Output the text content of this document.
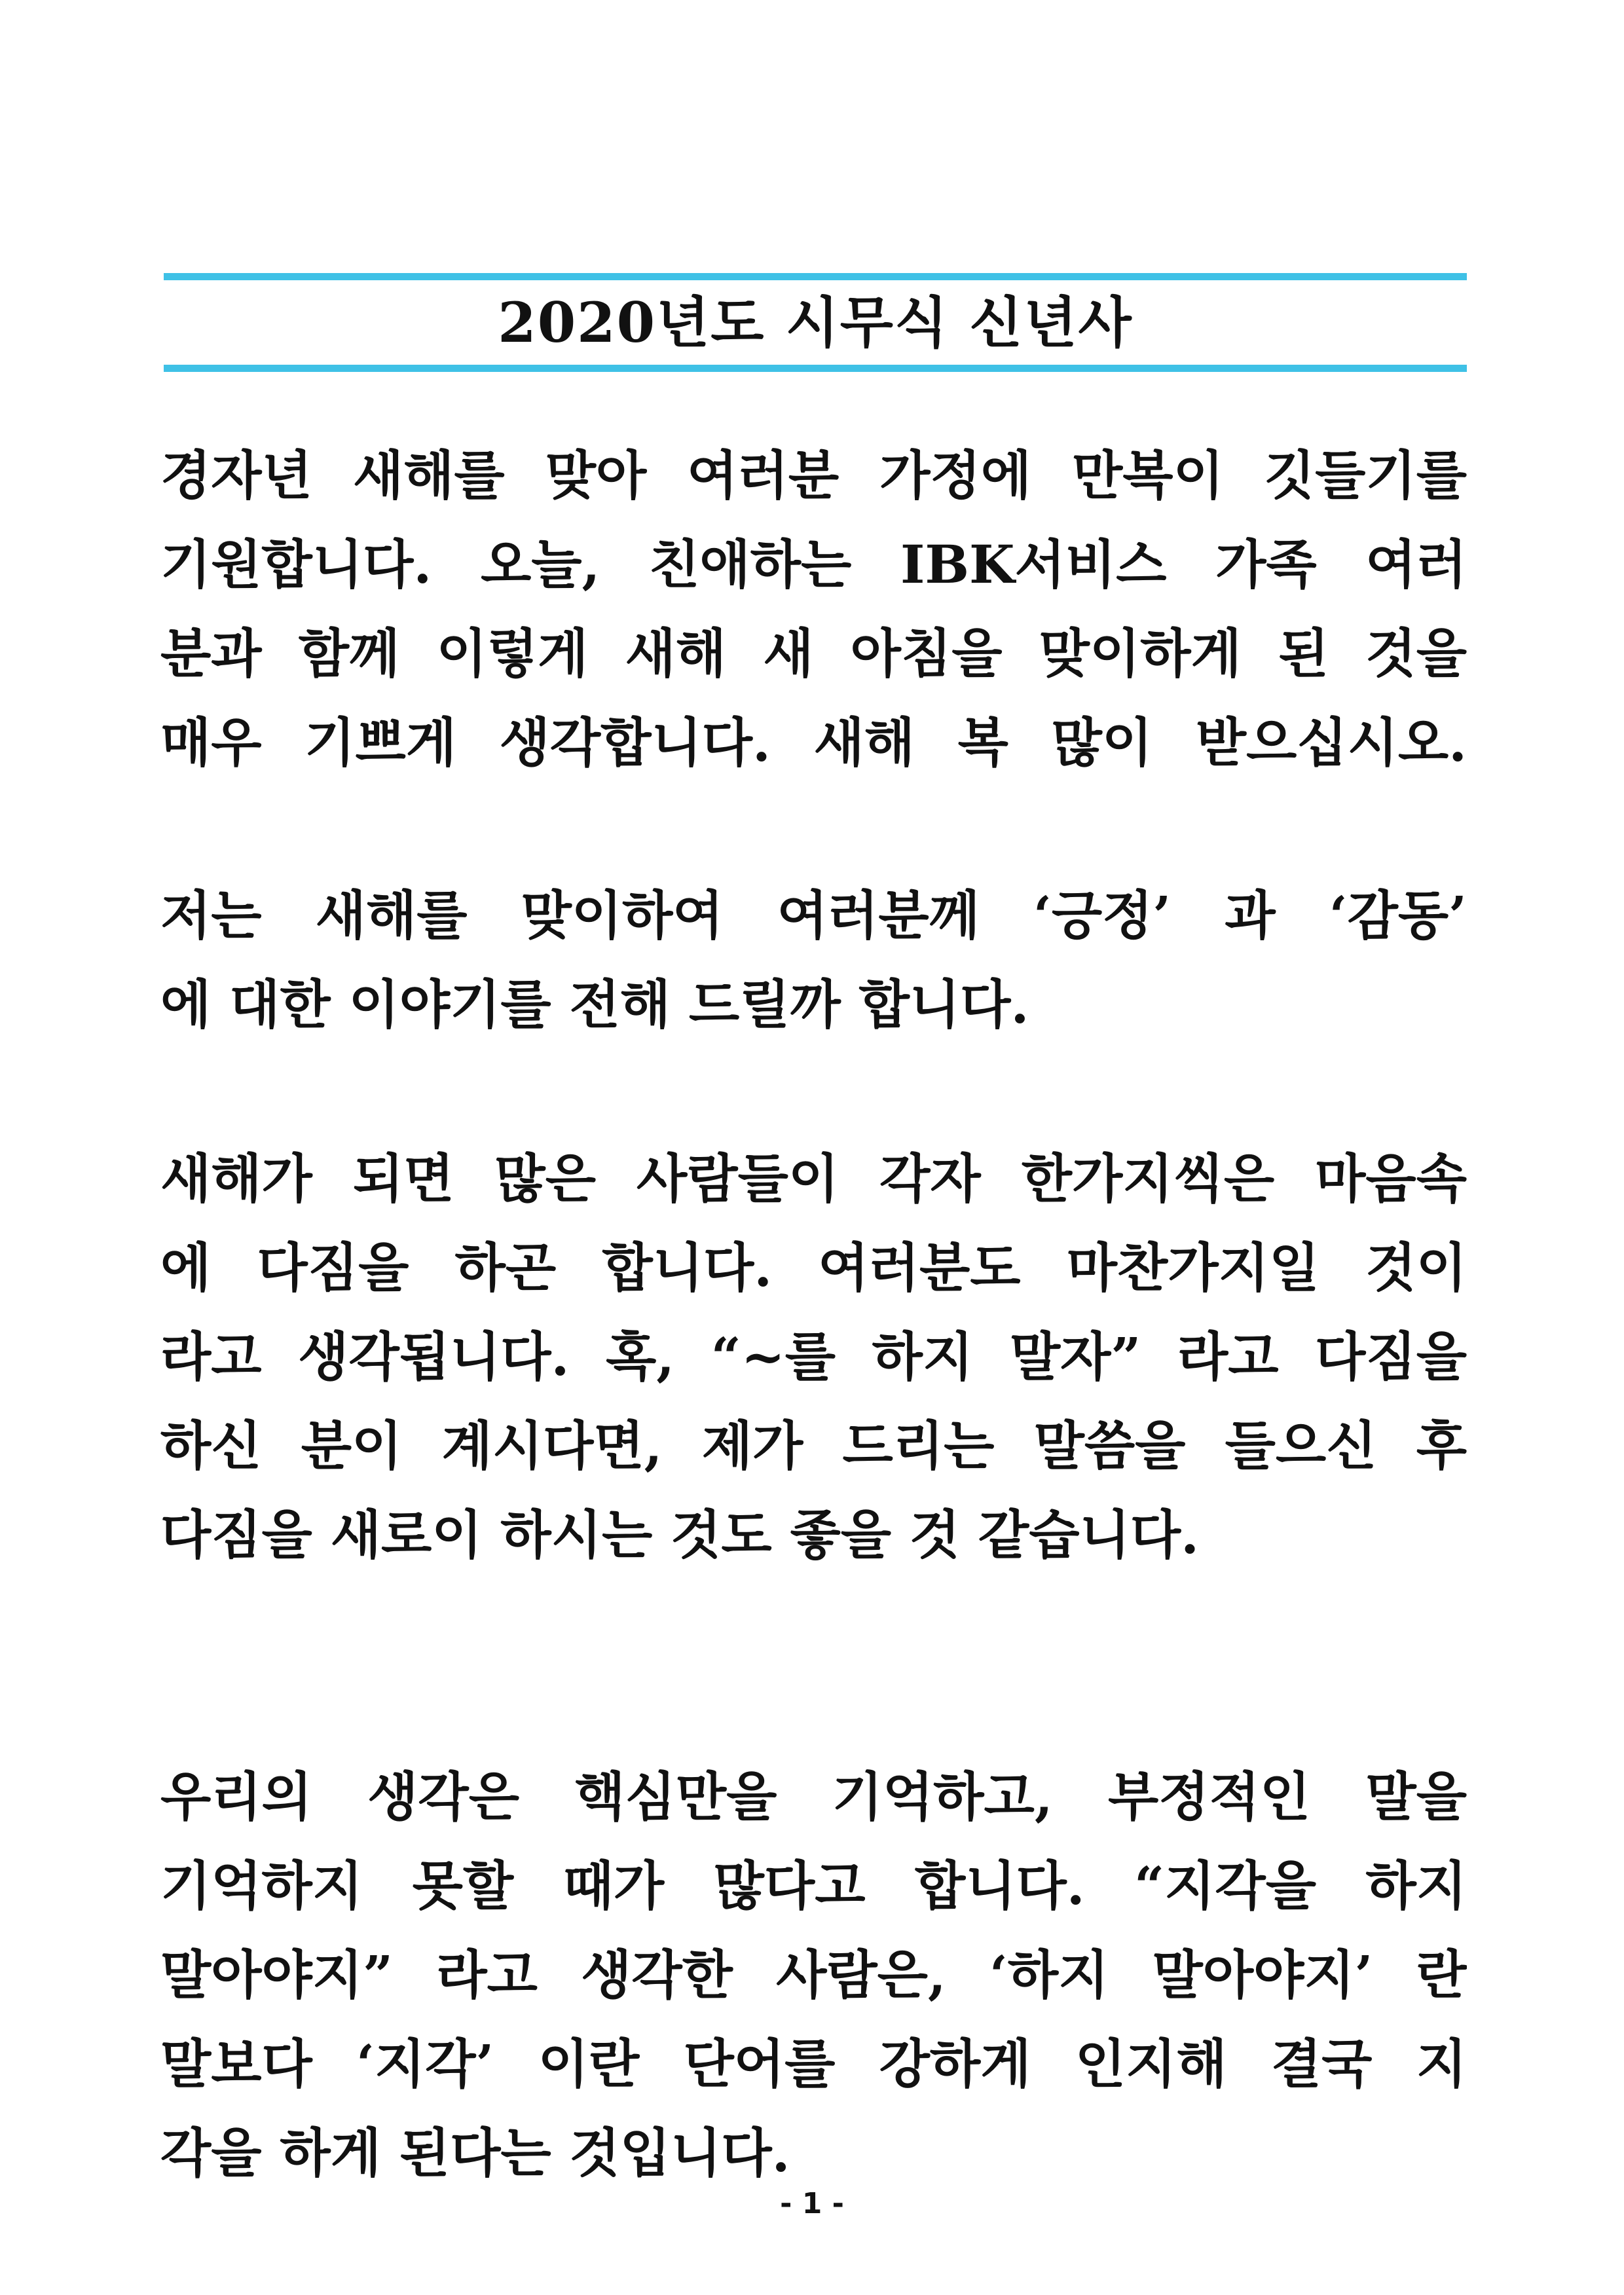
2020년도 시무식 신년사
경자년 새해를 맞아 여러분 가정에 만복이 깃들기를
기원합니다. 오늘, 친애하는 IBK서비스 가족 여러
분과 함께 이렇게 새해 새 아침을 맞이하게 된 것을
매우 기쁘게 생각합니다. 새해 복 많이 받으십시오.
저는 새해를 맞이하여 여러분께 ‘긍정’ 과 ‘감동’
에 대한 이야기를 전해 드릴까 합니다.
새해가 되면 많은 사람들이 각자 한가지씩은 마음속
에 다짐을 하곤 합니다. 여러분도 마찬가지일 것이
라고 생각됩니다. 혹, “~를 하지 말자” 라고 다짐을
하신 분이 계시다면, 제가 드리는 말씀을 들으신 후
다짐을 새로이 하시는 것도 좋을 것 같습니다.
우리의 생각은 핵심만을 기억하고, 부정적인 말을
기억하지 못할 때가 많다고 합니다. “지각을 하지
말아야지” 라고 생각한 사람은, ‘하지 말아야지’ 란
말보다 ‘지각’ 이란 단어를 강하게 인지해 결국 지
각을 하게 된다는 것입니다.
- 1 -
